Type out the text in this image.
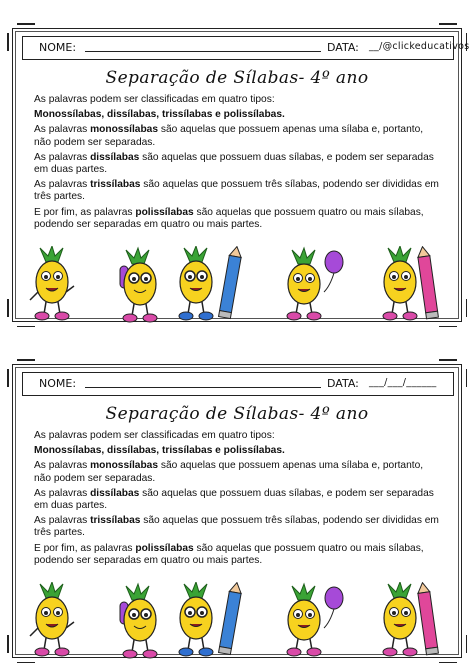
NOME:	DATA: __/@clickeducativos
Separação de Sílabas- 4º ano

As palavras podem ser classificadas em quatro tipos:

Monossílabas, dissílabas, trissílabas e polissílabas.

As palavras monossílabas são aquelas que possuem apenas uma sílaba e, portanto, não podem ser separadas.

As palavras dissílabas são aquelas que possuem duas sílabas, e podem ser separadas em duas partes.

As palavras trissílabas são aquelas que possuem três sílabas, podendo ser divididas em três partes.

E por fim, as palavras polissílabas são aquelas que possuem quatro ou mais sílabas, podendo ser separadas em quatro ou mais partes.

NOME:	DATA: ___/___/______
Separação de Sílabas- 4º ano

As palavras podem ser classificadas em quatro tipos:

Monossílabas, dissílabas, trissílabas e polissílabas.

As palavras monossílabas são aquelas que possuem apenas uma sílaba e, portanto, não podem ser separadas.

As palavras dissílabas são aquelas que possuem duas sílabas, e podem ser separadas em duas partes.

As palavras trissílabas são aquelas que possuem três sílabas, podendo ser divididas em três partes.

E por fim, as palavras polissílabas são aquelas que possuem quatro ou mais sílabas, podendo ser separadas em quatro ou mais partes.
